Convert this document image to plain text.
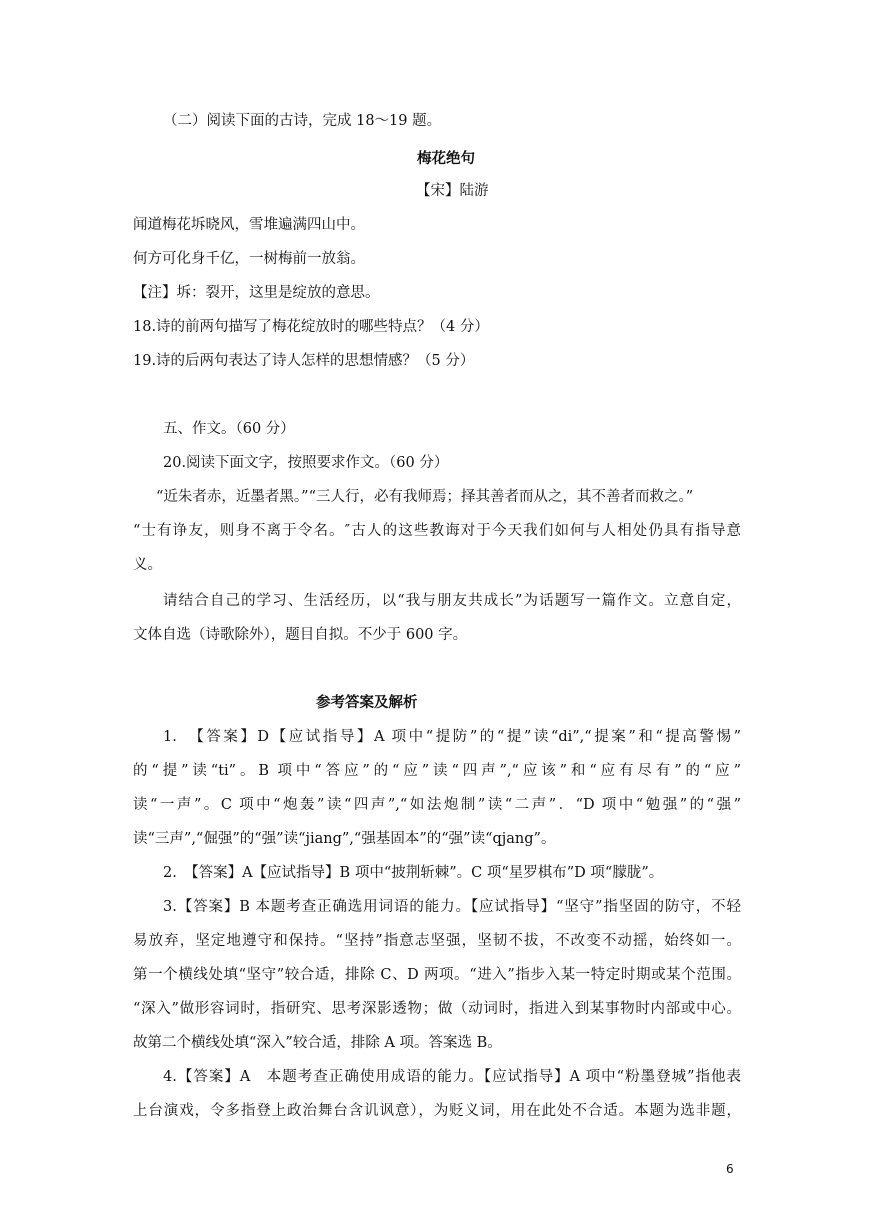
（二）阅读下面的古诗，完成 18～19 题。
梅花绝句
【宋】陆游
闻道梅花坼晓风，雪堆遍满四山中。
何方可化身千亿，一树梅前一放翁。
【注】坼：裂开，这里是绽放的意思。
18.诗的前两句描写了梅花绽放时的哪些特点？（4 分）
19.诗的后两句表达了诗人怎样的思想情感？（5 分）
五、作文。（60 分）
20.阅读下面文字，按照要求作文。（60 分）
“近朱者赤，近墨者黑。”“三人行，必有我师焉；择其善者而从之，其不善者而救之。”
“士有诤友，则身不离于令名。″古人的这些教诲对于今天我们如何与人相处仍具有指导意
义。
请结合自己的学习、生活经历，以“我与朋友共成长”为话题写一篇作文。立意自定，
文体自选（诗歌除外），题目自拟。不少于 600 字。
参考答案及解析
1.　【答案】D【应试指导】A 项中“提防”的“提”读“di”,“提案”和“提高警惕”
的“提”读“ti”。B 项中“答应”的“应”读“四声”,“应该”和“应有尽有”的“应”
读“一声”。C 项中“炮轰”读“四声”,“如法炮制”读“二声”．“D 项中“勉强”的“强”
读“三声”,“倔强”的“强”读“jiang”,“强基固本”的“强”读“qjang”。
2.　【答案】A【应试指导】B 项中“披荆斩棘”。C 项“星罗棋布”D 项“朦胧”。
3.【答案】B 本题考查正确选用词语的能力。【应试指导】“坚守”指坚固的防守，不轻
易放弃，坚定地遵守和保持。“坚持”指意志坚强，坚韧不拔，不改变不动摇，始终如一。
第一个横线处填“坚守”较合适，排除 C、D 两项。“进入”指步入某一特定时期或某个范围。
“深入”做形容词时，指研究、思考深影透物；做（动词时，指进入到某事物时内部或中心。
故第二个横线处填“深入”较合适，排除 A 项。答案选 B。
4.【答案】A　本题考查正确使用成语的能力。【应试指导】A 项中“粉墨登城”指他表
上台演戏，令多指登上政治舞台含讥讽意），为贬义词，用在此处不合适。本题为选非题，
6
